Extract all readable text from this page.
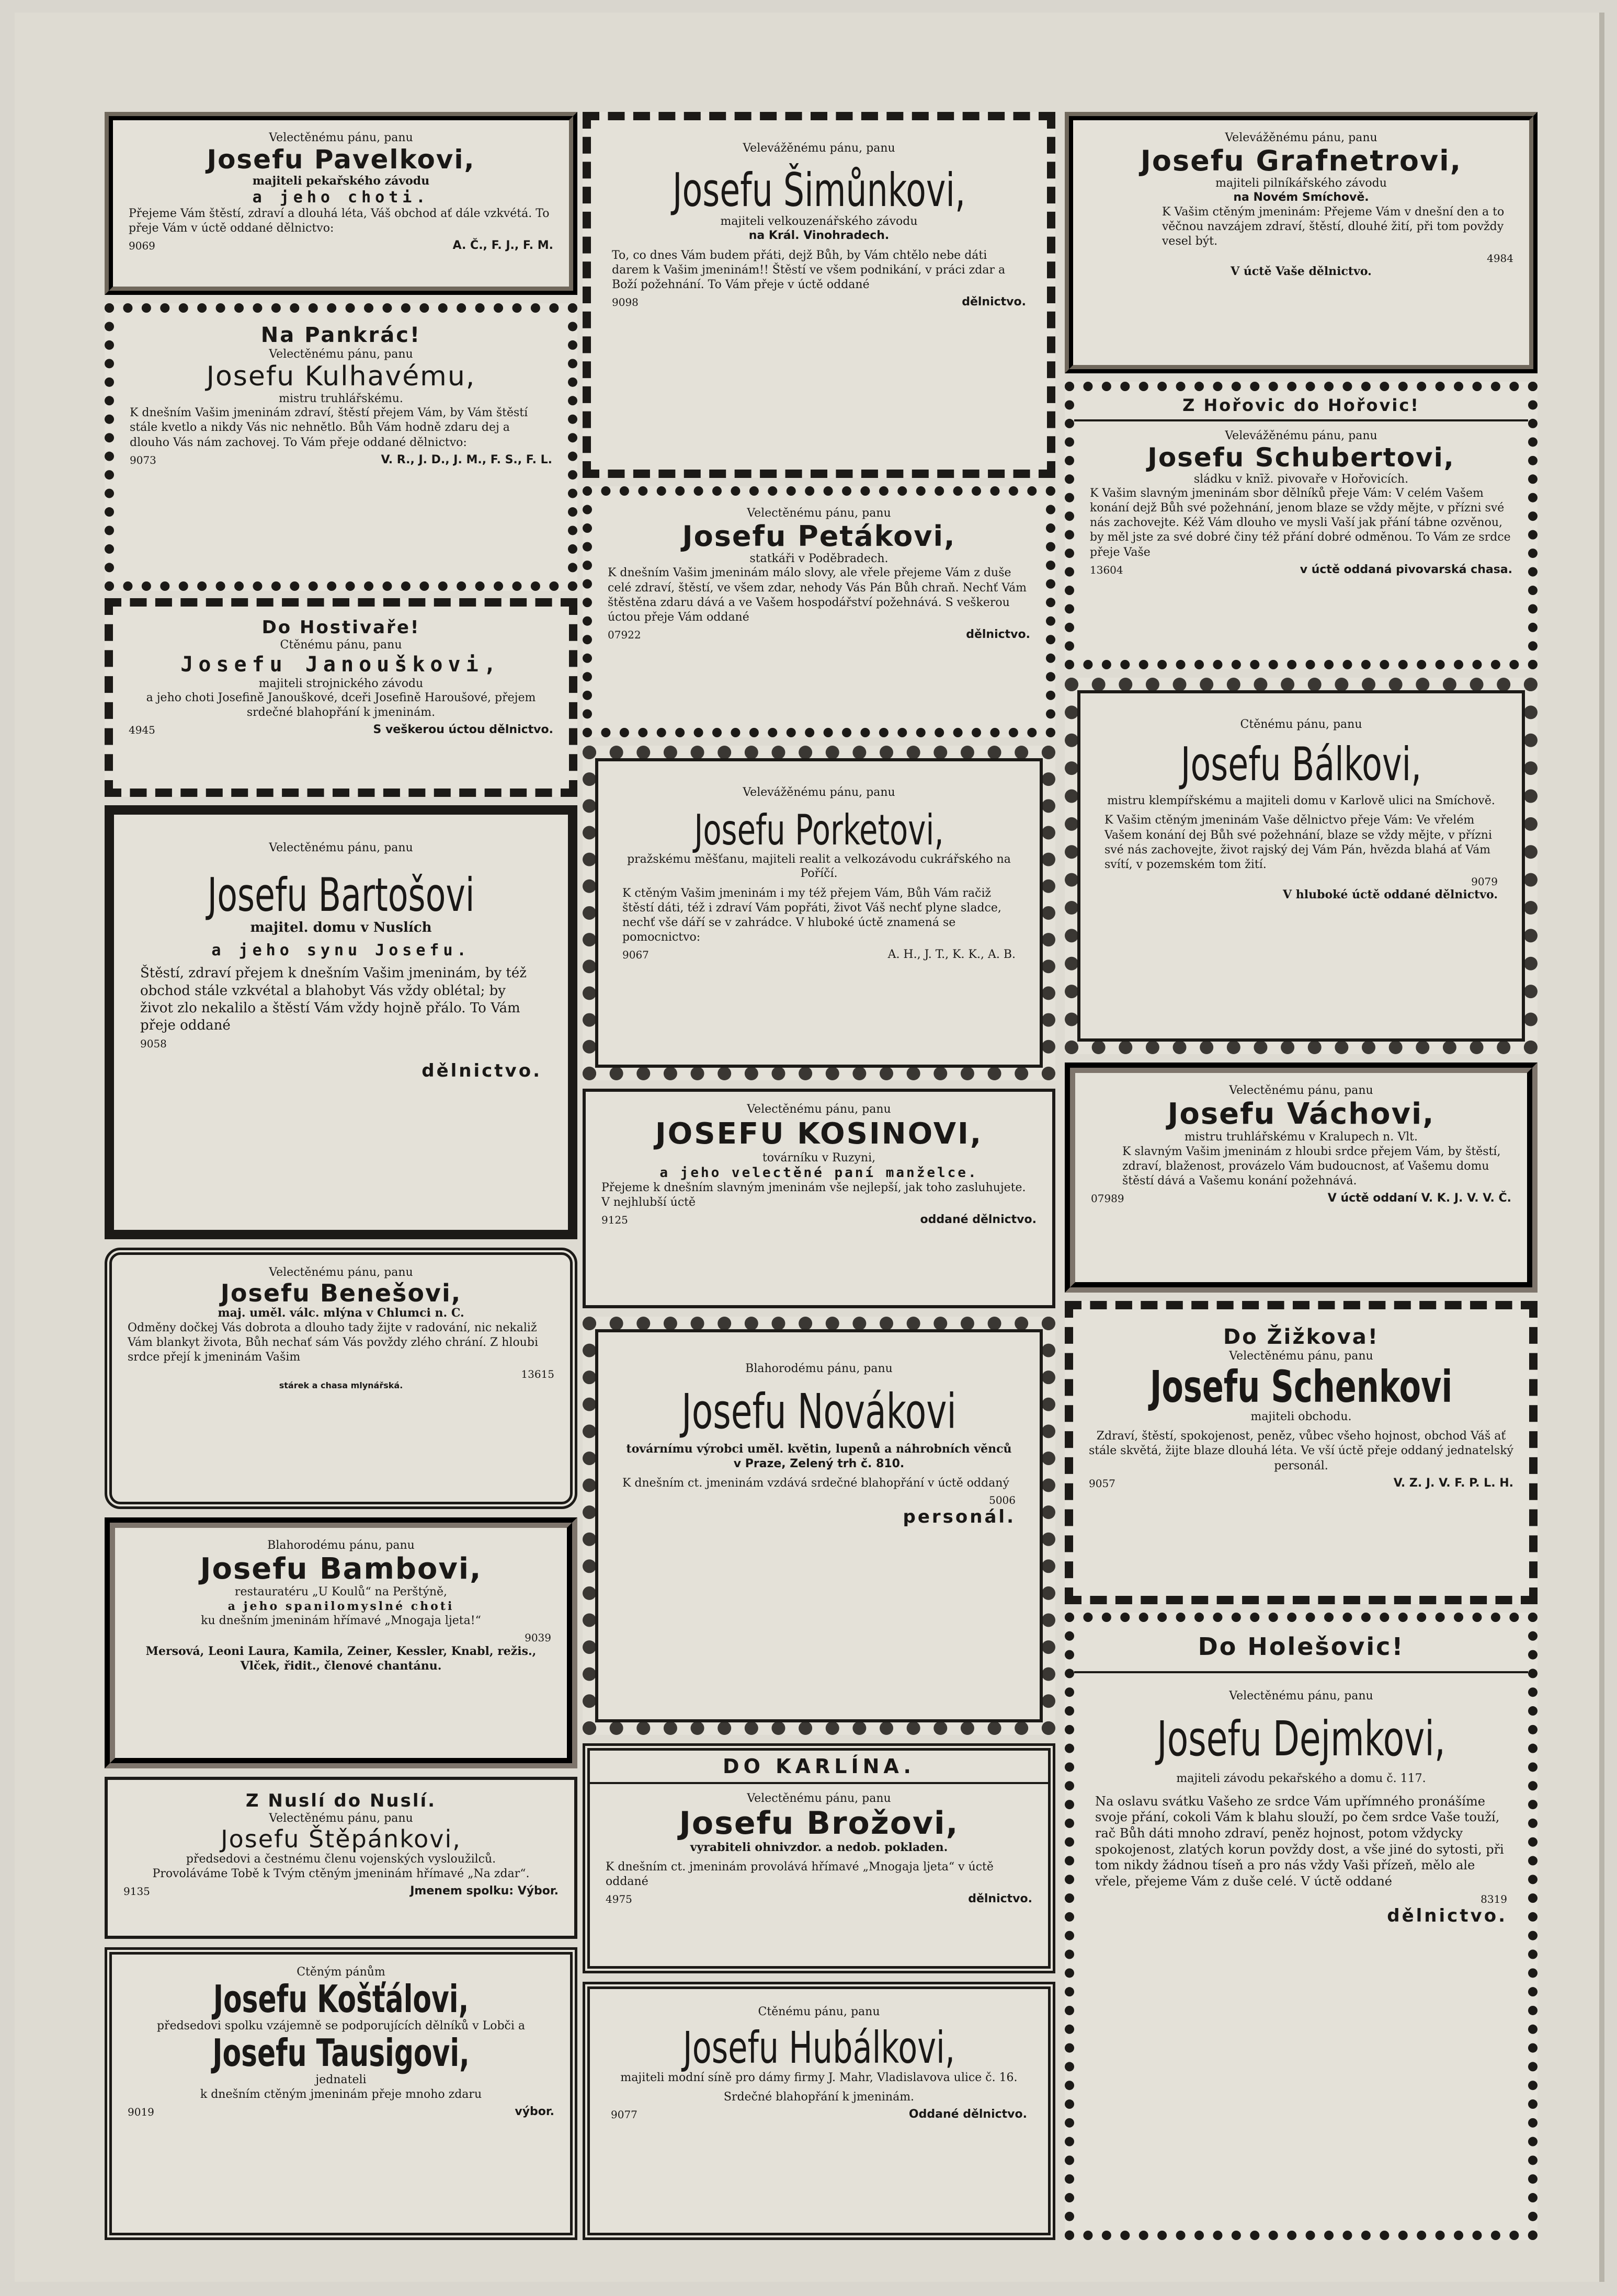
Velectěnému pánu, panu
Josefu Pavelkovi,
majiteli pekařského závodu
a jeho choti.
Přejeme Vám štěstí, zdraví a dlouhá léta, Váš obchod ať dále vzkvétá. To přeje Vám v úctě oddané dělnictvo:
9069	A. Č., F. J., F. M.
Na Pankrác!
Velectěnému pánu, panu
Josefu Kulhavému,
mistru truhlářskému.
K dnešním Vašim jmeninám zdraví, štěstí přejem Vám, by Vám štěstí stále kvetlo a nikdy Vás nic nehnětlo. Bůh Vám hodně zdaru dej a dlouho Vás nám zachovej. To Vám přeje oddané dělnictvo:
9073	V. R., J. D., J. M., F. S., F. L.
Do Hostivaře!
Ctěnému pánu, panu
Josefu Janouškovi,
majiteli strojnického závodu
a jeho choti Josefině Janouškové, dceři Josefině Haroušové, přejem srdečné blahopřání k jmeninám.
4945	S veškerou úctou dělnictvo.
Velectěnému pánu, panu
Josefu Bartošovi
majitel. domu v Nuslích
a jeho synu Josefu.
Štěstí, zdraví přejem k dnešním Vašim jmeninám, by též obchod stále vzkvétal a blahobyt Vás vždy oblétal; by život zlo nekalilo a štěstí Vám vždy hojně přálo. To Vám přeje oddané
9058
dělnictvo.
Velectěnému pánu, panu
Josefu Benešovi,
maj. uměl. válc. mlýna v Chlumci n. C.
Odměny dočkej Vás dobrota a dlouho tady žijte v radování, nic nekaliž Vám blankyt života, Bůh nechať sám Vás povždy zlého chrání. Z hloubi srdce přejí k jmeninám Vašim
13615
stárek a chasa mlynářská.
Blahorodému pánu, panu
Josefu Bambovi,
restauratéru „U Koulů“ na Perštýně,
a jeho spanilomyslné choti
ku dnešním jmeninám hřímavé „Mnogaja ljeta!“
9039
Mersová, Leoni Laura, Kamila, Zeiner, Kessler, Knabl, režis., Vlček, řidit., členové chantánu.
Z Nuslí do Nuslí.
Velectěnému pánu, panu
Josefu Štěpánkovi,
předsedovi a čestnému členu vojenských vysloužilců.
Provoláváme Tobě k Tvým ctěným jmeninám hřímavé „Na zdar“.
9135	Jmenem spolku: Výbor.
Ctěným pánům
Josefu Košťálovi,
předsedovi spolku vzájemně se podporujících dělníků v Lobči a
Josefu Tausigovi,
jednateli
k dnešním ctěným jmeninám přeje mnoho zdaru
9019	výbor.
Velevážěnému pánu, panu
Josefu Šimůnkovi,
majiteli velkouzenářského závodu
na Král. Vinohradech.
To, co dnes Vám budem přáti, dejž Bůh, by Vám chtělo nebe dáti darem k Vašim jmeninám!! Štěstí ve všem podnikání, v práci zdar a Boží požehnání. To Vám přeje v úctě oddané
9098	dělnictvo.
Velectěnému pánu, panu
Josefu Petákovi,
statkáři v Poděbradech.
K dnešním Vašim jmeninám málo slovy, ale vřele přejeme Vám z duše celé zdraví, štěstí, ve všem zdar, nehody Vás Pán Bůh chraň. Nechť Vám štěstěna zdaru dává a ve Vašem hospodářství požehnává. S veškerou úctou přeje Vám oddané
07922	dělnictvo.
Velevážěnému pánu, panu
Josefu Porketovi,
pražskému měšťanu, majiteli realit a velkozávodu cukrářského na Poříčí.
K ctěným Vašim jmeninám i my též přejem Vám, Bůh Vám račiž štěstí dáti, též i zdraví Vám popřáti, život Váš nechť plyne sladce, nechť vše dáří se v zahrádce. V hluboké úctě znamená se pomocnictvo:
9067	A. H., J. T., K. K., A. B.
Velectěnému pánu, panu
JOSEFU KOSINOVI,
továrníku v Ruzyni,
a jeho velectěné paní manželce.
Přejeme k dnešním slavným jmeninám vše nejlepší, jak toho zasluhujete. V nejhlubší úctě
9125	oddané dělnictvo.
Blahorodému pánu, panu
Josefu Novákovi
továrnímu výrobci uměl. květin, lupenů a náhrobních věnců
v Praze, Zelený trh č. 810.
K dnešním ct. jmeninám vzdává srdečné blahopřání v úctě oddaný
5006
personál.
DO KARLÍNA.
Velectěnému pánu, panu
Josefu Brožovi,
vyrabiteli ohnivzdor. a nedob. pokladen.
K dnešním ct. jmeninám provolává hřímavé „Mnogaja ljeta“ v úctě oddané
4975	dělnictvo.
Ctěnému pánu, panu
Josefu Hubálkovi,
majiteli modní síně pro dámy firmy J. Mahr, Vladislavova ulice č. 16.
Srdečné blahopřání k jmeninám.
9077	Oddané dělnictvo.
Velevážěnému pánu, panu
Josefu Grafnetrovi,
majiteli pilníkářského závodu
na Novém Smíchově.
K Vašim ctěným jmeninám: Přejeme Vám v dnešní den a to věčnou navzájem zdraví, štěstí, dlouhé žití, při tom povždy vesel být.
4984
V úctě Vaše dělnictvo.
Z Hořovic do Hořovic!
Velevážěnému pánu, panu
Josefu Schubertovi,
sládku v knīž. pivovaře v Hořovicích.
K Vašim slavným jmeninám sbor dělníků přeje Vám: V celém Vašem konání dejž Bůh své požehnání, jenom blaze se vždy mějte, v přízni své nás zachovejte. Kéž Vám dlouho ve mysli Vaší jak přání tábne ozvěnou, by měl jste za své dobré činy též přání dobré odměnou. To Vám ze srdce přeje Vaše
13604	v úctě oddaná pivovarská chasa.
Ctěnému pánu, panu
Josefu Bálkovi,
mistru klempířskému a majiteli domu v Karlově ulici na Smíchově.
K Vašim ctěným jmeninám Vaše dělnictvo přeje Vám: Ve vřelém Vašem konání dej Bůh své požehnání, blaze se vždy mějte, v přízni své nás zachovejte, život rajský dej Vám Pán, hvězda blahá ať Vám svítí, v pozemském tom žití.
9079
V hluboké úctě oddané dělnictvo.
Velectěnému pánu, panu
Josefu Váchovi,
mistru truhlářskému v Kralupech n. Vlt.
K slavným Vašim jmeninám z hloubi srdce přejem Vám, by štěstí, zdraví, blaženost, provázelo Vám budoucnost, ať Vašemu domu štěstí dává a Vašemu konání požehnává.
07989	V úctě oddaní V. K. J. V. V. Č.
Do Žižkova!
Velectěnému pánu, panu
Josefu Schenkovi
majiteli obchodu.
Zdraví, štěstí, spokojenost, peněz, vůbec všeho hojnost, obchod Váš ať stále skvětá, žijte blaze dlouhá léta. Ve vší úctě přeje oddaný jednatelský personál.
9057	V. Z. J. V. F. P. L. H.
Do Holešovic!
Velectěnému pánu, panu
Josefu Dejmkovi,
majiteli závodu pekařského a domu č. 117.
Na oslavu svátku Vašeho ze srdce Vám upřímného pronášíme svoje přání, cokoli Vám k blahu slouží, po čem srdce Vaše touží, rač Bůh dáti mnoho zdraví, peněz hojnost, potom vždycky spokojenost, zlatých korun povždy dost, a vše jiné do sytosti, při tom nikdy žádnou tíseň a pro nás vždy Vaši přízeň, mělo ale vřele, přejeme Vám z duše celé. V úctě oddané
8319
dělnictvo.
